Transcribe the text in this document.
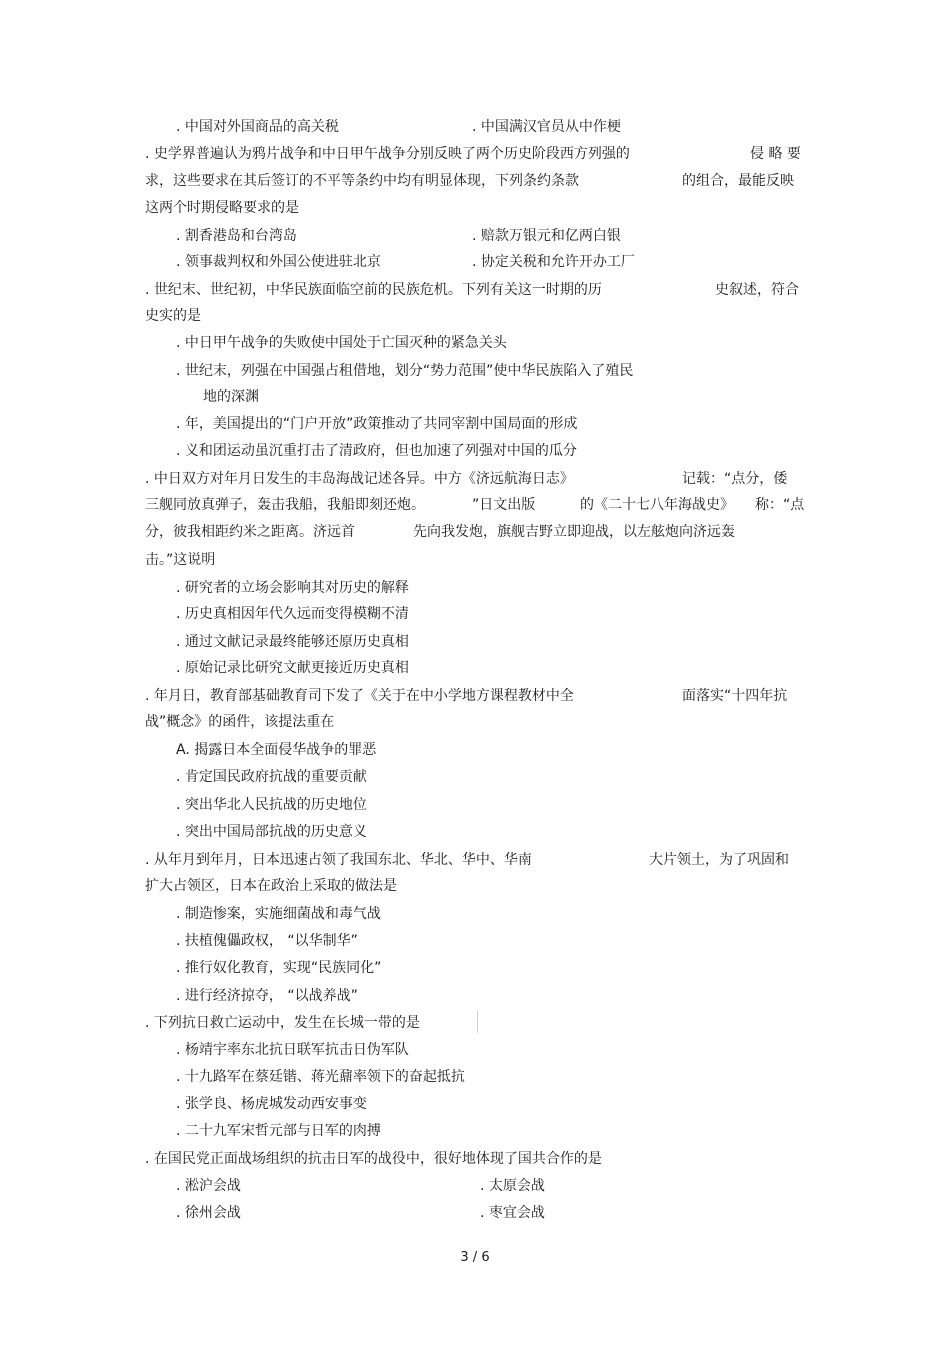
. 中国对外国商品的高关税	. 中国满汉官员从中作梗
. 史学界普遍认为鸦片战争和中日甲午战争分别反映了两个历史阶段西方列强的	侵 略 要
求，这些要求在其后签订的不平等条约中均有明显体现，下列条约条款	的组合，最能反映
这两个时期侵略要求的是
. 割香港岛和台湾岛	. 赔款万银元和亿两白银
. 领事裁判权和外国公使进驻北京	. 协定关税和允许开办工厂
. 世纪末、世纪初，中华民族面临空前的民族危机。下列有关这一时期的历	史叙述，符合
史实的是
. 中日甲午战争的失败使中国处于亡国灭种的紧急关头
. 世纪末，列强在中国强占租借地，划分“势力范围”使中华民族陷入了殖民
地的深渊
. 年，美国提出的“门户开放”政策推动了共同宰割中国局面的形成
. 义和团运动虽沉重打击了清政府，但也加速了列强对中国的瓜分
. 中日双方对年月日发生的丰岛海战记述各异。中方《济远航海日志》	记载：“点分，倭
三舰同放真弹子，轰击我船，我船即刻还炮。	”日文出版	的《二十七八年海战史》 称：“点
分，彼我相距约米之距离。济远首	先向我发炮，旗舰吉野立即迎战，以左舷炮向济远轰
击。”这说明
. 研究者的立场会影响其对历史的解释
. 历史真相因年代久远而变得模糊不清
. 通过文献记录最终能够还原历史真相
. 原始记录比研究文献更接近历史真相
. 年月日，教育部基础教育司下发了《关于在中小学地方课程教材中全	面落实“十四年抗
战”概念》的函件，该提法重在
A. 揭露日本全面侵华战争的罪恶
. 肯定国民政府抗战的重要贡献
. 突出华北人民抗战的历史地位
. 突出中国局部抗战的历史意义
. 从年月到年月，日本迅速占领了我国东北、华北、华中、华南	大片领土，为了巩固和
扩大占领区，日本在政治上采取的做法是
. 制造惨案，实施细菌战和毒气战
. 扶植傀儡政权， “以华制华”
. 推行奴化教育，实现“民族同化”
. 进行经济掠夺， “以战养战”
. 下列抗日救亡运动中，发生在长城一带的是
. 杨靖宇率东北抗日联军抗击日伪军队
. 十九路军在蔡廷锴、蒋光鼐率领下的奋起抵抗
. 张学良、杨虎城发动西安事变
. 二十九军宋哲元部与日军的肉搏
. 在国民党正面战场组织的抗击日军的战役中，很好地体现了国共合作的是
. 淞沪会战	. 太原会战
. 徐州会战	. 枣宜会战
3 / 6
